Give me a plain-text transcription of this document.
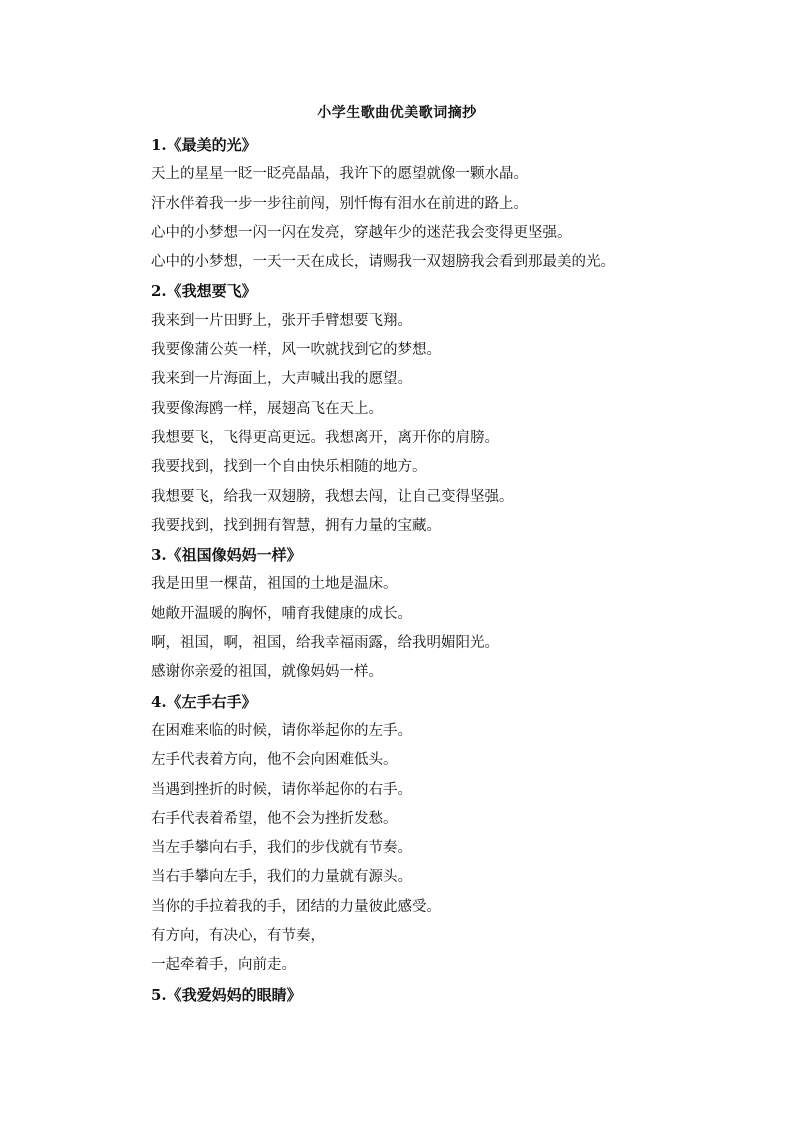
小学生歌曲优美歌词摘抄
1.《最美的光》
天上的星星一眨一眨亮晶晶，我许下的愿望就像一颗水晶。
汗水伴着我一步一步往前闯，别忏悔有泪水在前进的路上。
心中的小梦想一闪一闪在发亮，穿越年少的迷茫我会变得更坚强。
心中的小梦想，一天一天在成长，请赐我一双翅膀我会看到那最美的光。
2.《我想要飞》
我来到一片田野上，张开手臂想要飞翔。
我要像蒲公英一样，风一吹就找到它的梦想。
我来到一片海面上，大声喊出我的愿望。
我要像海鸥一样，展翅高飞在天上。
我想要飞，飞得更高更远。我想离开，离开你的肩膀。
我要找到，找到一个自由快乐相随的地方。
我想要飞，给我一双翅膀，我想去闯，让自己变得坚强。
我要找到，找到拥有智慧，拥有力量的宝藏。
3.《祖国像妈妈一样》
我是田里一棵苗，祖国的土地是温床。
她敞开温暖的胸怀，哺育我健康的成长。
啊，祖国，啊，祖国，给我幸福雨露，给我明媚阳光。
感谢你亲爱的祖国，就像妈妈一样。
4.《左手右手》
在困难来临的时候，请你举起你的左手。
左手代表着方向，他不会向困难低头。
当遇到挫折的时候，请你举起你的右手。
右手代表着希望，他不会为挫折发愁。
当左手攀向右手，我们的步伐就有节奏。
当右手攀向左手，我们的力量就有源头。
当你的手拉着我的手，团结的力量彼此感受。
有方向，有决心，有节奏，
一起牵着手，向前走。
5.《我爱妈妈的眼睛》
